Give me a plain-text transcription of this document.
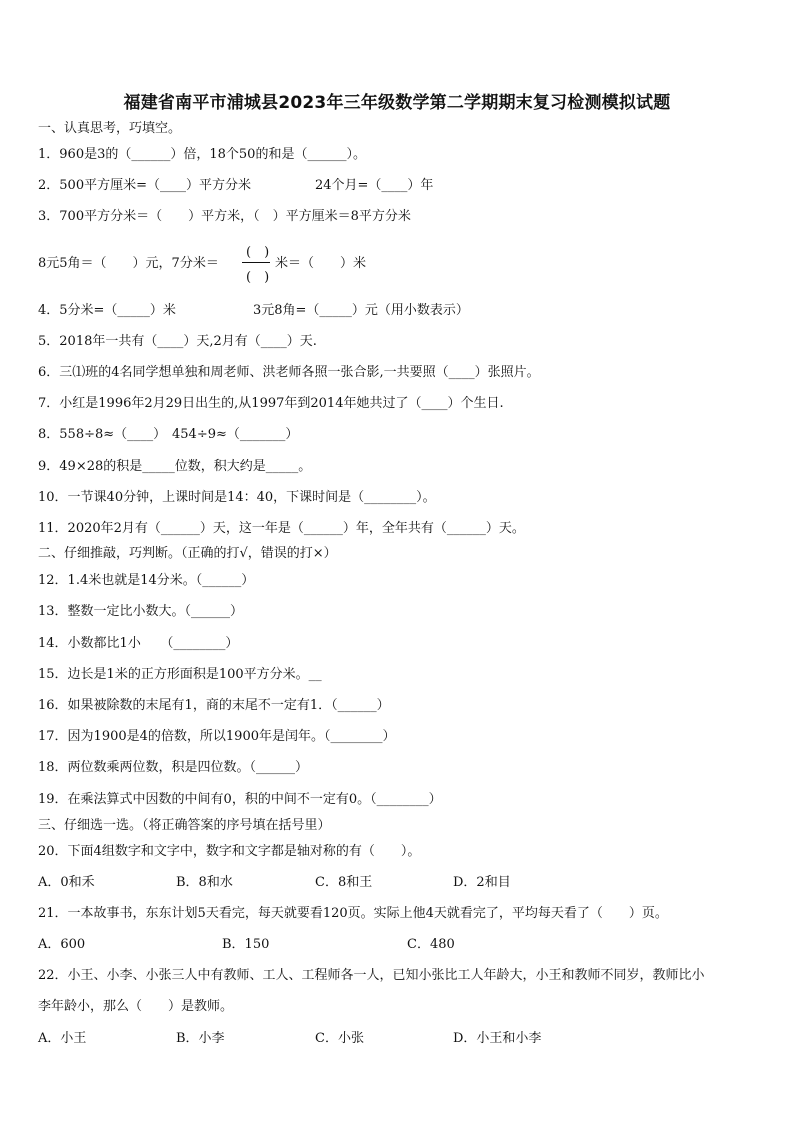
福建省南平市浦城县2023年三年级数学第二学期期末复习检测模拟试题
一、认真思考，巧填空。
1．960是3的（______）倍，18个50的和是（______）。
2．500平方厘米=（____）平方分米	24个月=（____）年
3．700平方分米＝（　　）平方米，（　）平方厘米＝8平方分米
8元5角＝（　　）元，7分米＝
(　)
(　)
米＝（　　）米
4．5分米=（_____）米	3元8角=（_____）元（用小数表示）
5．2018年一共有（____）天,2月有（____）天.
6．三⑴班的4名同学想单独和周老师、洪老师各照一张合影,一共要照（____）张照片。
7．小红是1996年2月29日出生的,从1997年到2014年她共过了（____）个生日.
8．558÷8≈（____） 454÷9≈（_______）
9．49×28的积是_____位数，积大约是_____。
10．一节课40分钟，上课时间是14：40，下课时间是（________）。
11．2020年2月有（______）天，这一年是（______）年，全年共有（______）天。
二、仔细推敲，巧判断。（正确的打√，错误的打×）
12．1.4米也就是14分米。（______）
13．整数一定比小数大。（______）
14．小数都比1小　　（________）
15．边长是1米的正方形面积是100平方分米。__
16．如果被除数的末尾有1，商的末尾不一定有1．（______）
17．因为1900是4的倍数，所以1900年是闰年。（________）
18．两位数乘两位数，积是四位数。（______）
19．在乘法算式中因数的中间有0，积的中间不一定有0。（________）
三、仔细选一选。（将正确答案的序号填在括号里）
20．下面4组数字和文字中，数字和文字都是轴对称的有（　　）。
A．0和禾	B．8和水	C．8和王	D．2和目
21．一本故事书，东东计划5天看完，每天就要看120页。实际上他4天就看完了，平均每天看了（　　）页。
A．600	B．150	C．480
22．小王、小李、小张三人中有教师、工人、工程师各一人，已知小张比工人年龄大，小王和教师不同岁，教师比小
李年龄小，那么（　　）是教师。
A．小王	B．小李	C．小张	D．小王和小李
